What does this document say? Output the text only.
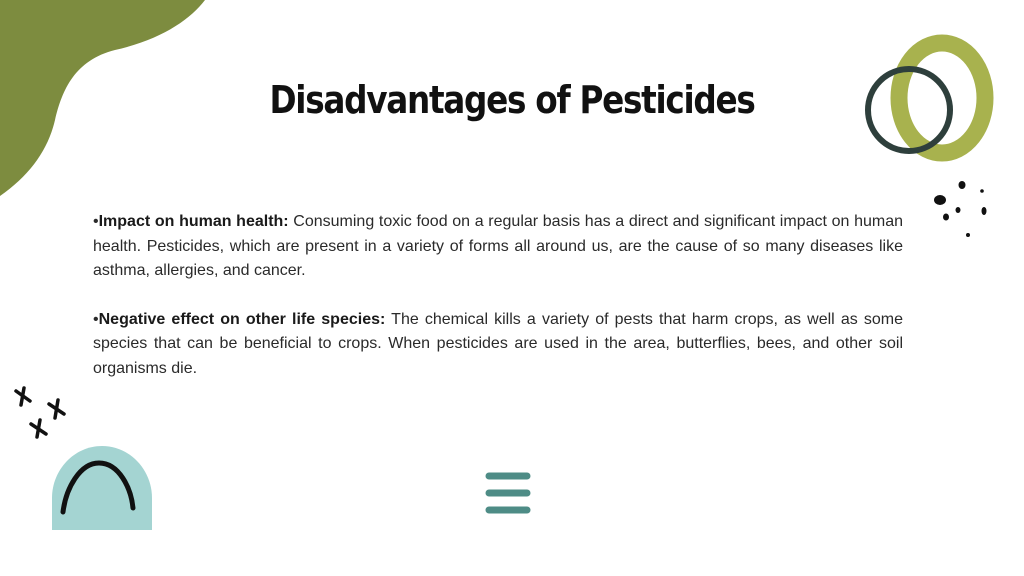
Disadvantages of Pesticides

•Impact on human health: Consuming toxic food on a regular basis has a direct and significant impact on human health. Pesticides, which are present in a variety of forms all around us, are the cause of so many diseases like asthma, allergies, and cancer.

•Negative effect on other life species: The chemical kills a variety of pests that harm crops, as well as some species that can be beneficial to crops. When pesticides are used in the area, butterflies, bees, and other soil organisms die.
